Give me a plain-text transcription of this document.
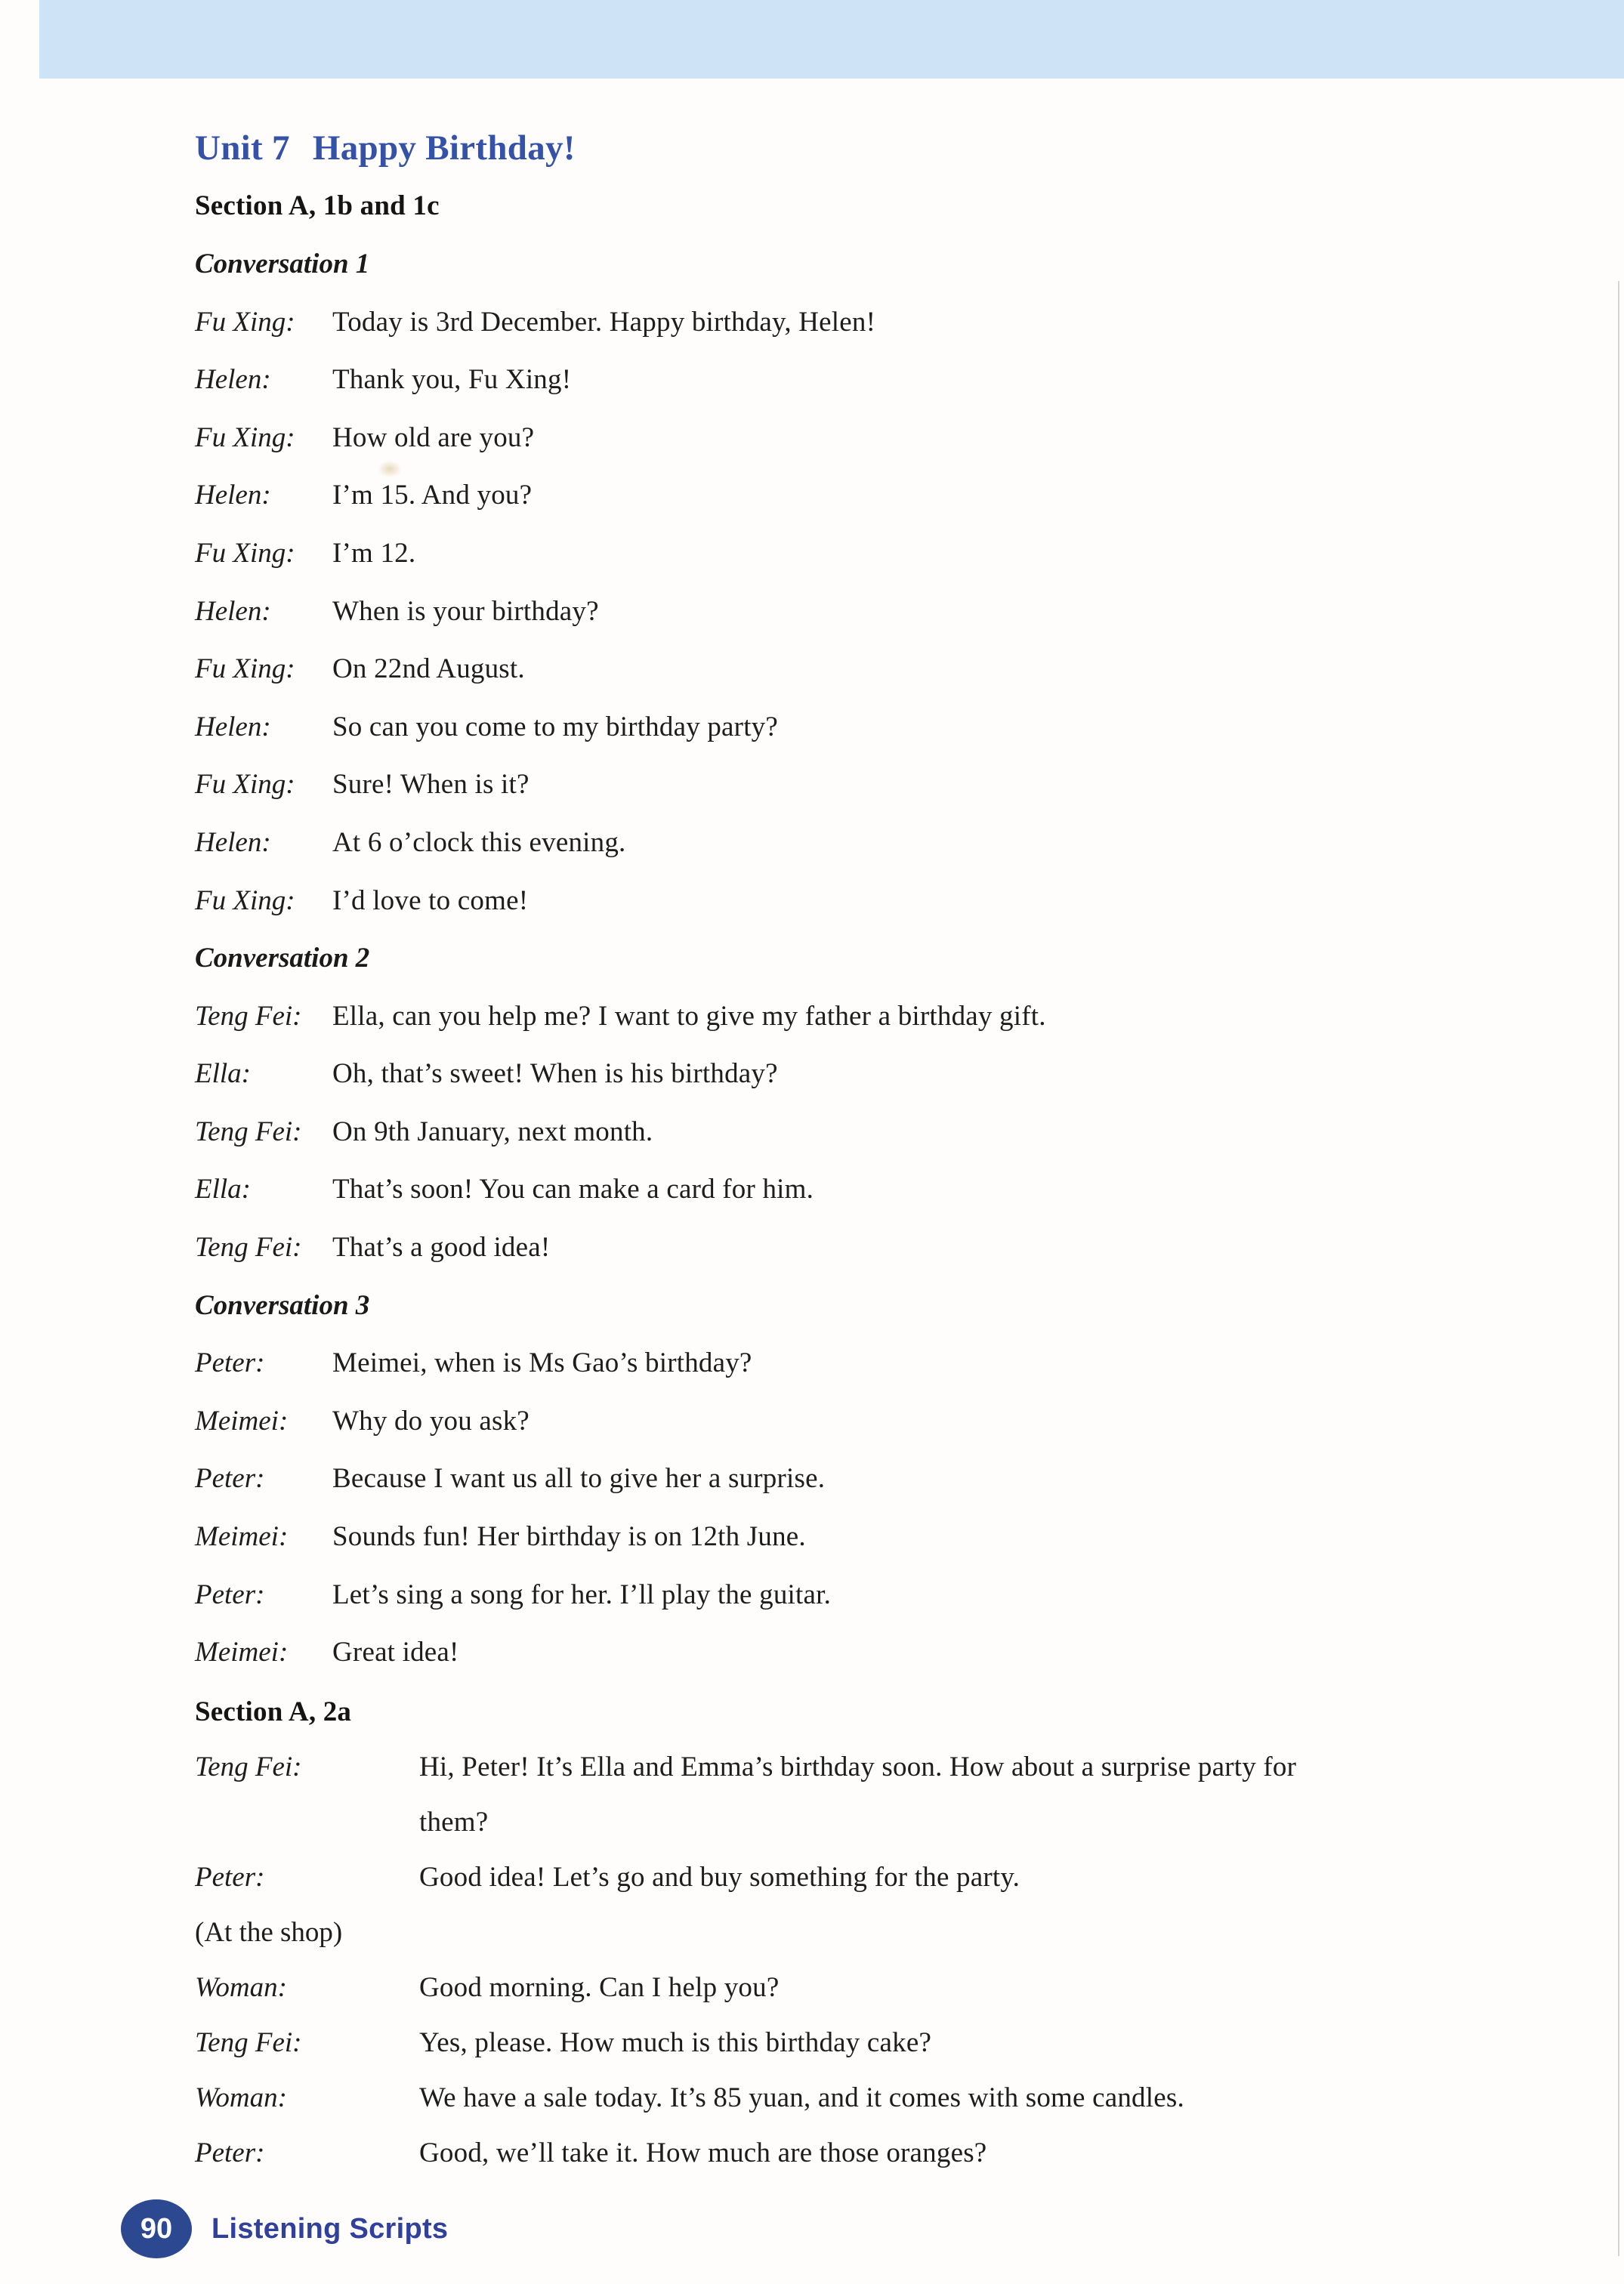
Unit 7 Happy Birthday!
Section A, 1b and 1c
Conversation 1
Fu Xing:	Today is 3rd December. Happy birthday, Helen!
Helen:	Thank you, Fu Xing!
Fu Xing:	How old are you?
Helen:	I’m 15. And you?
Fu Xing:	I’m 12.
Helen:	When is your birthday?
Fu Xing:	On 22nd August.
Helen:	So can you come to my birthday party?
Fu Xing:	Sure! When is it?
Helen:	At 6 o’clock this evening.
Fu Xing:	I’d love to come!
Conversation 2
Teng Fei:	Ella, can you help me? I want to give my father a birthday gift.
Ella:	Oh, that’s sweet! When is his birthday?
Teng Fei:	On 9th January, next month.
Ella:	That’s soon! You can make a card for him.
Teng Fei:	That’s a good idea!
Conversation 3
Peter:	Meimei, when is Ms Gao’s birthday?
Meimei:	Why do you ask?
Peter:	Because I want us all to give her a surprise.
Meimei:	Sounds fun! Her birthday is on 12th June.
Peter:	Let’s sing a song for her. I’ll play the guitar.
Meimei:	Great idea!
Section A, 2a
Teng Fei:	Hi, Peter! It’s Ella and Emma’s birthday soon. How about a surprise party for
them?
Peter:	Good idea! Let’s go and buy something for the party.
(At the shop)
Woman:	Good morning. Can I help you?
Teng Fei:	Yes, please. How much is this birthday cake?
Woman:	We have a sale today. It’s 85 yuan, and it comes with some candles.
Peter:	Good, we’ll take it. How much are those oranges?
90	Listening Scripts
